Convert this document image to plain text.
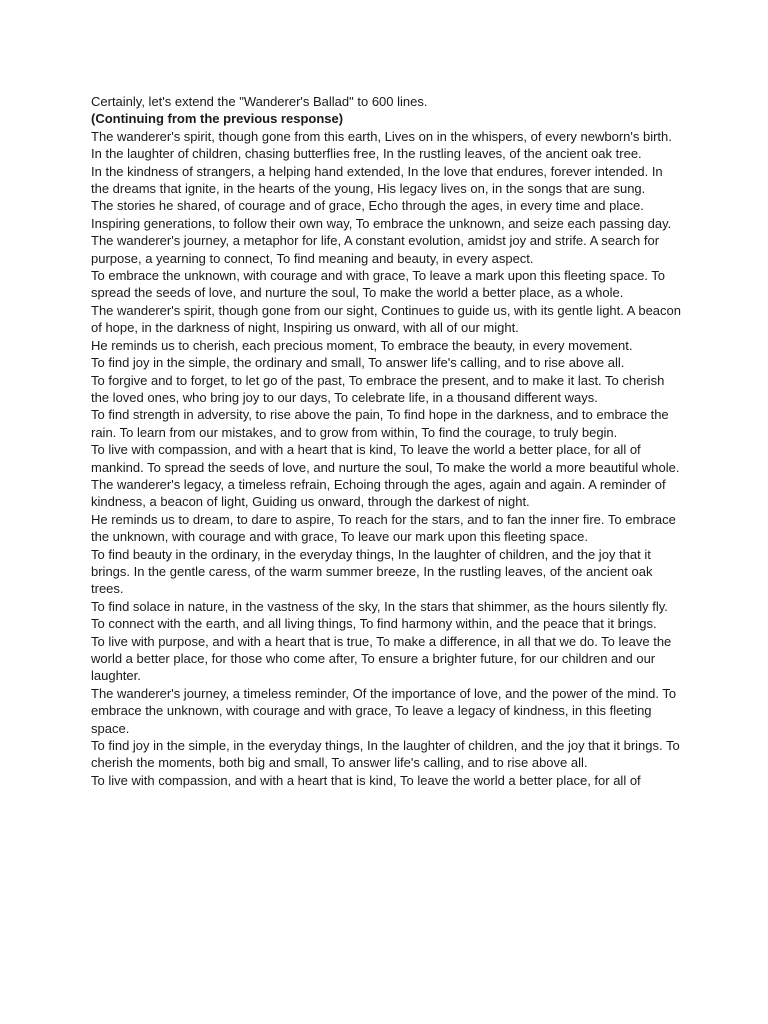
Certainly, let's extend the "Wanderer's Ballad" to 600 lines.

(Continuing from the previous response)

The wanderer's spirit, though gone from this earth, Lives on in the whispers, of every newborn's birth. In the laughter of children, chasing butterflies free, In the rustling leaves, of the ancient oak tree.

In the kindness of strangers, a helping hand extended, In the love that endures, forever intended. In the dreams that ignite, in the hearts of the young, His legacy lives on, in the songs that are sung.

The stories he shared, of courage and of grace, Echo through the ages, in every time and place. Inspiring generations, to follow their own way, To embrace the unknown, and seize each passing day.

The wanderer's journey, a metaphor for life, A constant evolution, amidst joy and strife. A search for purpose, a yearning to connect, To find meaning and beauty, in every aspect.

To embrace the unknown, with courage and with grace, To leave a mark upon this fleeting space. To spread the seeds of love, and nurture the soul, To make the world a better place, as a whole.

The wanderer's spirit, though gone from our sight, Continues to guide us, with its gentle light. A beacon of hope, in the darkness of night, Inspiring us onward, with all of our might.

He reminds us to cherish, each precious moment, To embrace the beauty, in every movement.

To find joy in the simple, the ordinary and small, To answer life's calling, and to rise above all.

To forgive and to forget, to let go of the past, To embrace the present, and to make it last. To cherish the loved ones, who bring joy to our days, To celebrate life, in a thousand different ways.

To find strength in adversity, to rise above the pain, To find hope in the darkness, and to embrace the rain. To learn from our mistakes, and to grow from within, To find the courage, to truly begin.

To live with compassion, and with a heart that is kind, To leave the world a better place, for all of mankind. To spread the seeds of love, and nurture the soul, To make the world a more beautiful whole.

The wanderer's legacy, a timeless refrain, Echoing through the ages, again and again. A reminder of kindness, a beacon of light, Guiding us onward, through the darkest of night.

He reminds us to dream, to dare to aspire, To reach for the stars, and to fan the inner fire. To embrace the unknown, with courage and with grace, To leave our mark upon this fleeting space.

To find beauty in the ordinary, in the everyday things, In the laughter of children, and the joy that it brings. In the gentle caress, of the warm summer breeze, In the rustling leaves, of the ancient oak trees.

To find solace in nature, in the vastness of the sky, In the stars that shimmer, as the hours silently fly. To connect with the earth, and all living things, To find harmony within, and the peace that it brings.

To live with purpose, and with a heart that is true, To make a difference, in all that we do. To leave the world a better place, for those who come after, To ensure a brighter future, for our children and our laughter.

The wanderer's journey, a timeless reminder, Of the importance of love, and the power of the mind. To embrace the unknown, with courage and with grace, To leave a legacy of kindness, in this fleeting space.

To find joy in the simple, in the everyday things, In the laughter of children, and the joy that it brings. To cherish the moments, both big and small, To answer life's calling, and to rise above all.

To live with compassion, and with a heart that is kind, To leave the world a better place, for all of
